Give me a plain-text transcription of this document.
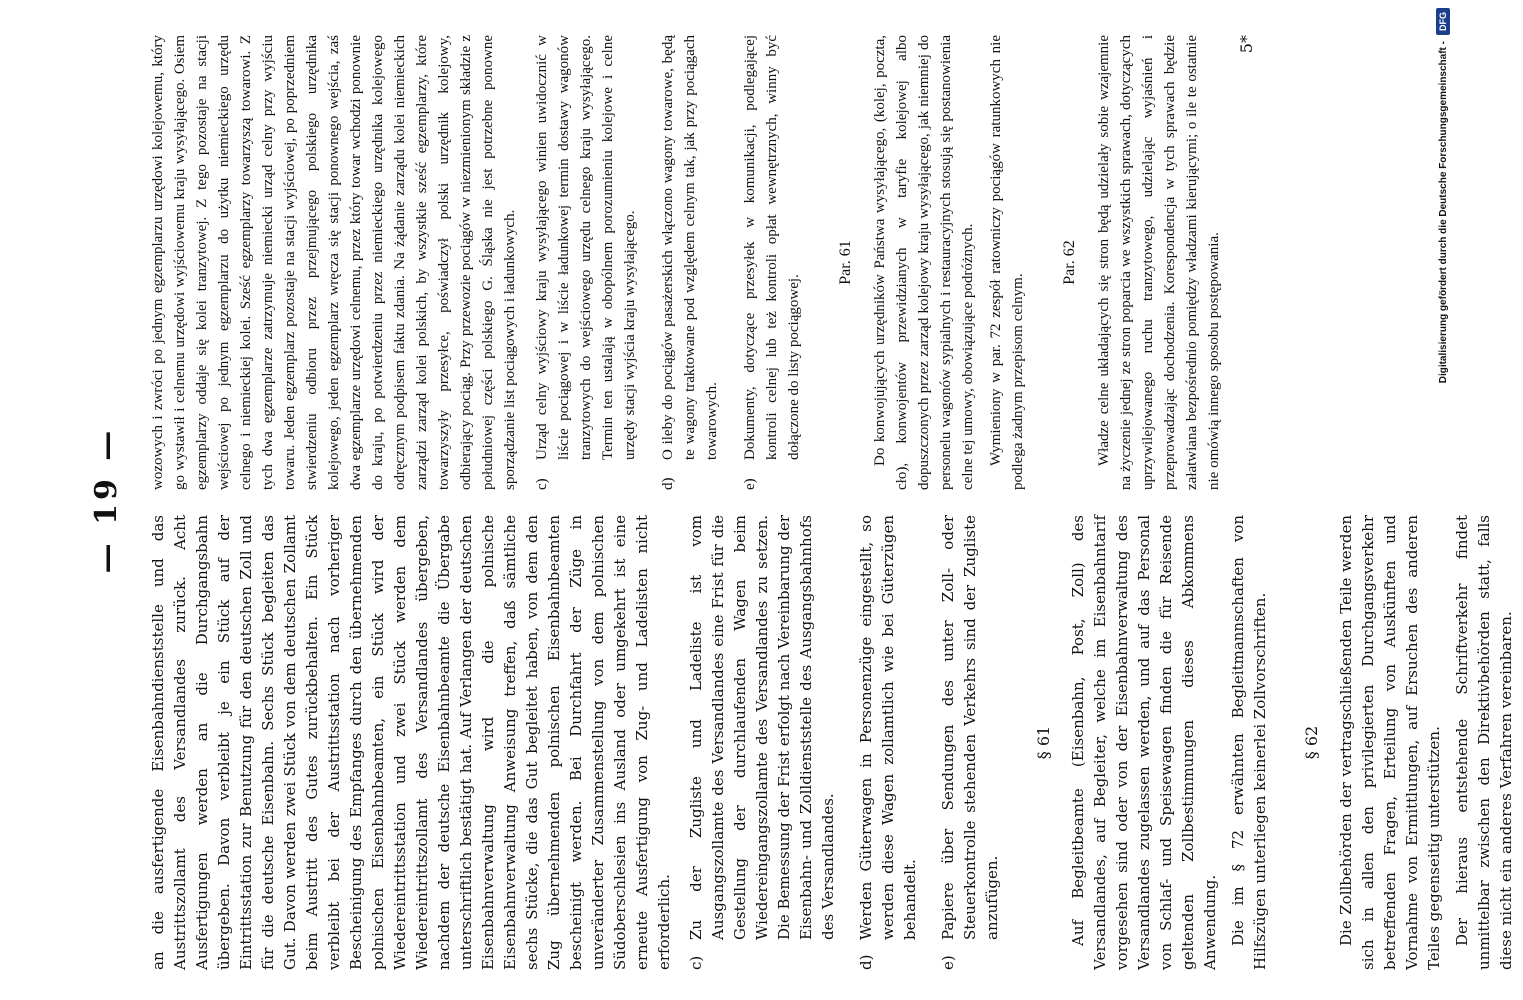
— 19 —

an die ausfertigende Eisenbahndienststelle und das Austrittszollamt des Versandlandes zurück. Acht Ausfertigungen werden an die Durchgangsbahn übergeben. Davon verbleibt je ein Stück auf der Eintrittsstation zur Benutzung für den deutschen Zoll und für die deutsche Eisenbahn. Sechs Stück begleiten das Gut. Davon werden zwei Stück von dem deutschen Zollamt beim Austritt des Gutes zurückbehalten. Ein Stück verbleibt bei der Austrittsstation nach vorheriger Bescheinigung des Empfanges durch den übernehmenden polnischen Eisenbahnbeamten, ein Stück wird der Wiedereintrittsstation und zwei Stück werden dem Wiedereintrittszollamt des Versandlandes übergeben, nachdem der deutsche Eisenbahnbeamte die Übergabe unterschriftlich bestätigt hat. Auf Verlangen der deutschen Eisenbahnverwaltung wird die polnische Eisenbahnverwaltung Anweisung treffen, daß sämtliche sechs Stücke, die das Gut begleitet haben, von dem den Zug übernehmenden polnischen Eisenbahnbeamten bescheinigt werden. Bei Durchfahrt der Züge in unveränderter Zusammenstellung von dem polnischen Südoberschlesien ins Ausland oder umgekehrt ist eine erneute Ausfertigung von Zug- und Ladelisten nicht erforderlich. c)
Zu der Zugliste und Ladeliste ist vom Ausgangszollamte des Versandlandes eine Frist für die Gestellung der durchlaufenden Wagen beim Wiedereingangszollamte des Versandlandes zu setzen. Die Bemessung der Frist erfolgt nach Vereinbarung der Eisenbahn- und Zolldienststelle des Ausgangsbahnhofs des Versandlandes.
d)
Werden Güterwagen in Personenzüge eingestellt, so werden diese Wagen zollamtlich wie bei Güterzügen behandelt.
e)
Papiere über Sendungen des unter Zoll- oder Steuerkontrolle stehenden Verkehrs sind der Zugliste anzufügen.
§ 61 Auf Begleitbeamte (Eisenbahn, Post, Zoll) des Versandlandes, auf Begleiter, welche im Eisenbahntarif vorgesehen sind oder von der Eisenbahnverwaltung des Versandlandes zugelassen werden, und auf das Personal von Schlaf- und Speisewagen finden die für Reisende geltenden Zollbestimmungen dieses Abkommens Anwendung. Die im § 72 erwähnten Begleitmannschaften von Hilfszügen unterliegen keinerlei Zollvorschriften. § 62 Die Zollbehörden der vertragschließenden Teile werden sich in allen den privilegierten Durchgangsverkehr betreffenden Fragen, Erteilung von Auskünften und Vornahme von Ermittlungen, auf Ersuchen des anderen Teiles gegenseitig unterstützen. Der hieraus entstehende Schriftverkehr findet unmittelbar zwischen den Direktivbehörden statt, falls diese nicht ein anderes Verfahren vereinbaren.

wozowych i zwróci po jednym egzemplarzu urzędowi kolejowemu, który go wystawił i celnemu urzędowi wyjściowemu kraju wysyłającego. Osiem egzemplarzy oddaje się kolei tranzytowej. Z tego pozostaje na stacji wejściowej po jednym egzemplarzu do użytku niemieckiego urzędu celnego i niemieckiej kolei. Sześć egzemplarzy towarzyszą towarowi. Z tych dwa egzemplarze zatrzymuje niemiecki urząd celny przy wyjściu towaru. Jeden egzemplarz pozostaje na stacji wyjściowej, po poprzedniem stwierdzeniu odbioru przez przejmującego polskiego urzędnika kolejowego, jeden egzemplarz wręcza się stacji ponownego wejścia, zaś dwa egzemplarze urzędowi celnemu, przez który towar wchodzi ponownie do kraju, po potwierdzeniu przez niemieckiego urzędnika kolejowego odręcznym podpisem faktu zdania. Na żądanie zarządu kolei niemieckich zarządzi zarząd kolei polskich, by wszystkie sześć egzemplarzy, które towarzyszyły przesyłce, poświadczył polski urzędnik kolejowy, odbierający pociąg. Przy przewozie pociągów w niezmienionym składzie z południowej części polskiego G. Śląska nie jest potrzebne ponowne sporządzanie list pociągowych i ładunkowych. c)
Urząd celny wyjściowy kraju wysyłającego winien uwidocznić w liście pociągowej i w liście ładunkowej termin dostawy wagonów tranzytowych do wejściowego urzędu celnego kraju wysyłającego. Termin ten ustalają w obopólnem porozumieniu kolejowe i celne urzędy stacji wyjścia kraju wysyłającego.
d)
O ileby do pociągów pasażerskich włączono wagony towarowe, będą te wagony traktowane pod względem celnym tak, jak przy pociągach towarowych.
e)
Dokumenty, dotyczące przesyłek w komunikacji, podlegającej kontroli celnej lub też kontroli opłat wewnętrznych, winny być dołączone do listy pociągowej.
Par. 61 Do konwojujących urzędników Państwa wysyłającego, (kolej, poczta, cło), konwojentów przewidzianych w taryfie kolejowej albo dopuszczonych przez zarząd kolejowy kraju wysyłającego, jak niemniej do personelu wagonów sypialnych i restauracyjnych stosują się postanowienia celne tej umowy, obowiązujące podróżnych. Wymieniony w par. 72 zespół ratowniczy pociągów ratunkowych nie podlega żadnym przepisom celnym.

Par. 62 Władze celne układających się stron będą udzielały sobie wzajemnie na życzenie jednej ze stron poparcia we wszystkich sprawach, dotyczących uprzywilejowanego ruchu tranzytowego, udzielając wyjaśnień i przeprowadzając dochodzenia. Korespondencja w tych sprawach będzie załatwiana bezpośrednio pomiędzy władzami kierującymi; o ile te ostatnie nie omówią innego sposobu postępowania.

5*	Digitalisierung gefördert durch die Deutsche Forschungsgemeinschaft -
DFG
